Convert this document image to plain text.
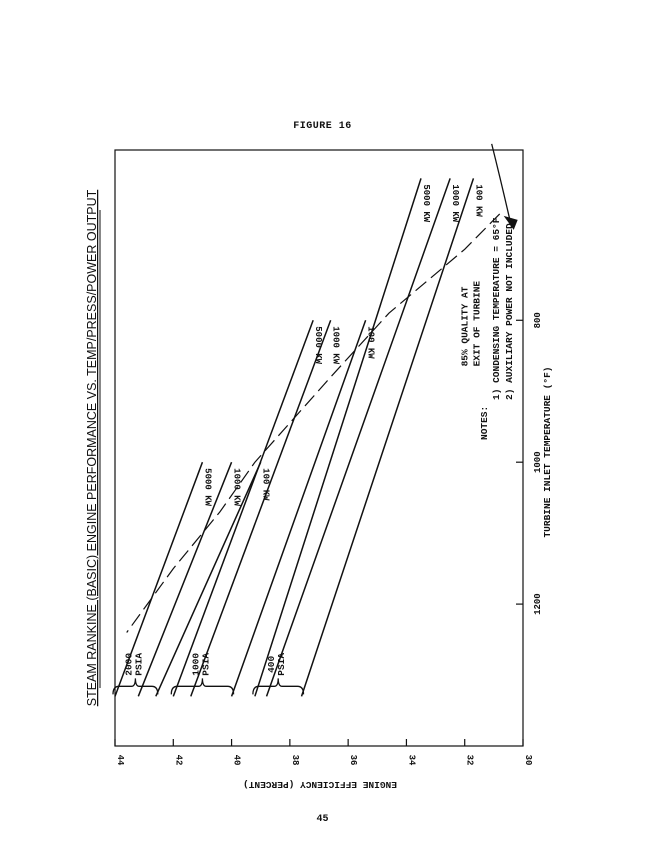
FIGURE 16
30
32
34
36
38
40
42
44
800
1000
1200
85% QUALITY AT EXIT OF TURBINE
5000 KW 1000 KW 100 KW
5000 KW 1000 KW	100 KW
5000 KW 1000 KW 100 KW
2000 PSIA	1000 PSIA	400 PSIA
STEAM RANKINE (BASIC) ENGINE PERFORMANCE VS. TEMP/PRESS/POWER OUTPUT	TURBINE INLET TEMPERATURE (°F)
ENGINE EFFICIENCY (PERCENT)
NOTES:
1) CONDENSING TEMPERATURE = 65°F 2) AUXILIARY POWER NOT INCLUDED
45
